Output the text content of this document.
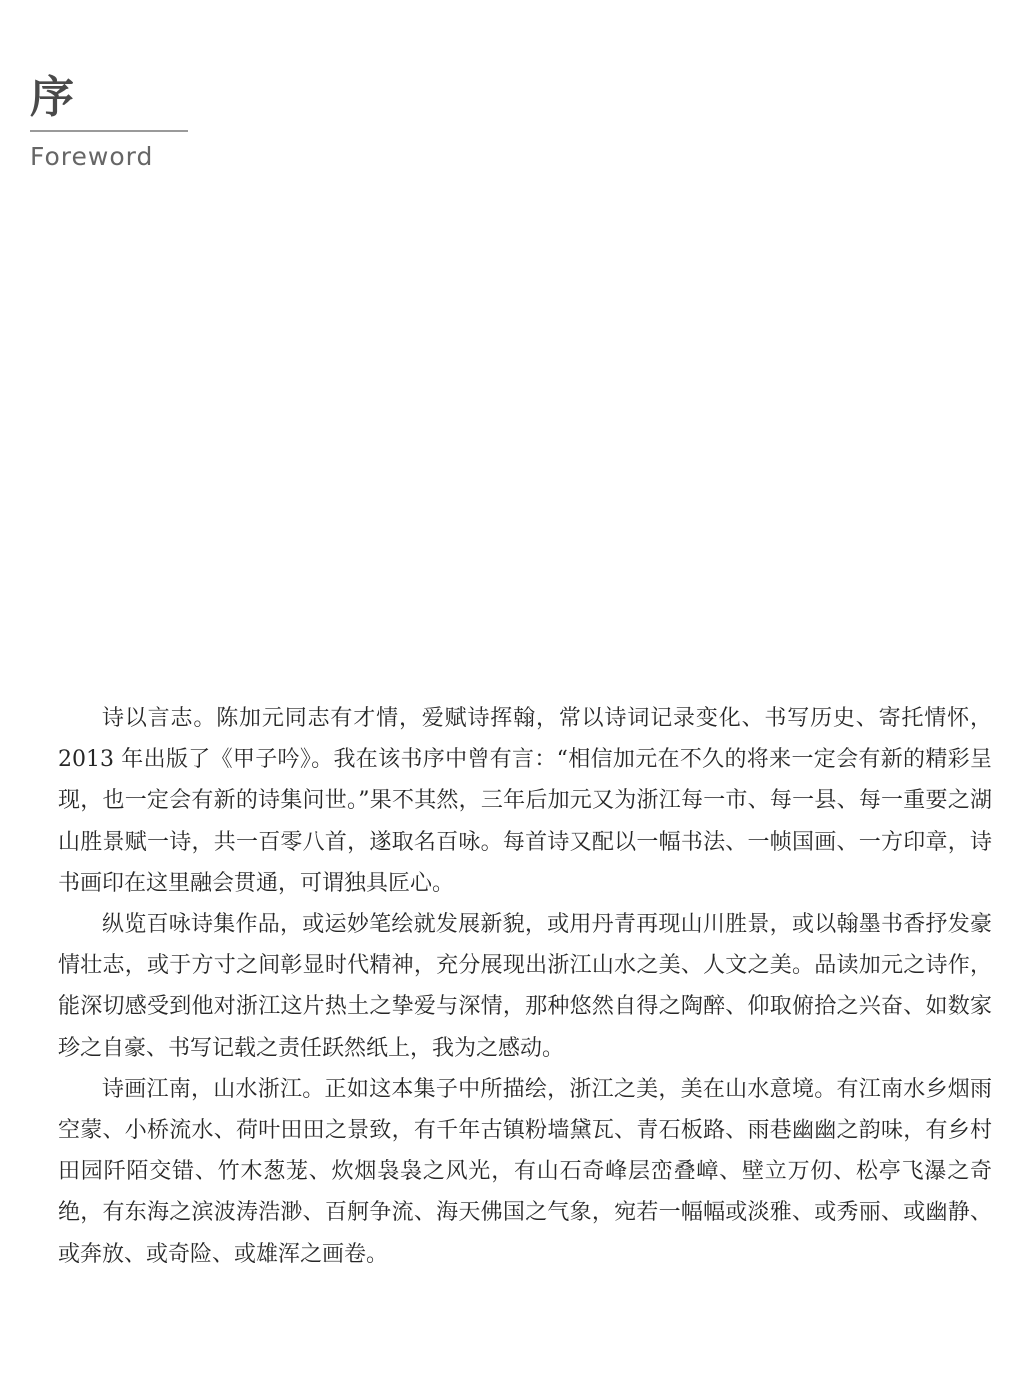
序
Foreword

诗以言志。陈加元同志有才情，爱赋诗挥翰，常以诗词记录变化、书写历史、寄托情怀，2013 年出版了《甲子吟》。我在该书序中曾有言：“相信加元在不久的将来一定会有新的精彩呈现，也一定会有新的诗集问世。”果不其然，三年后加元又为浙江每一市、每一县、每一重要之湖山胜景赋一诗，共一百零八首，遂取名百咏。每首诗又配以一幅书法、一帧国画、一方印章，诗书画印在这里融会贯通，可谓独具匠心。

纵览百咏诗集作品，或运妙笔绘就发展新貌，或用丹青再现山川胜景，或以翰墨书香抒发豪情壮志，或于方寸之间彰显时代精神，充分展现出浙江山水之美、人文之美。品读加元之诗作，能深切感受到他对浙江这片热土之挚爱与深情，那种悠然自得之陶醉、仰取俯拾之兴奋、如数家珍之自豪、书写记载之责任跃然纸上，我为之感动。

诗画江南，山水浙江。正如这本集子中所描绘，浙江之美，美在山水意境。有江南水乡烟雨空蒙、小桥流水、荷叶田田之景致，有千年古镇粉墙黛瓦、青石板路、雨巷幽幽之韵味，有乡村田园阡陌交错、竹木葱茏、炊烟袅袅之风光，有山石奇峰层峦叠嶂、壁立万仞、松亭飞瀑之奇绝，有东海之滨波涛浩渺、百舸争流、海天佛国之气象，宛若一幅幅或淡雅、或秀丽、或幽静、或奔放、或奇险、或雄浑之画卷。
